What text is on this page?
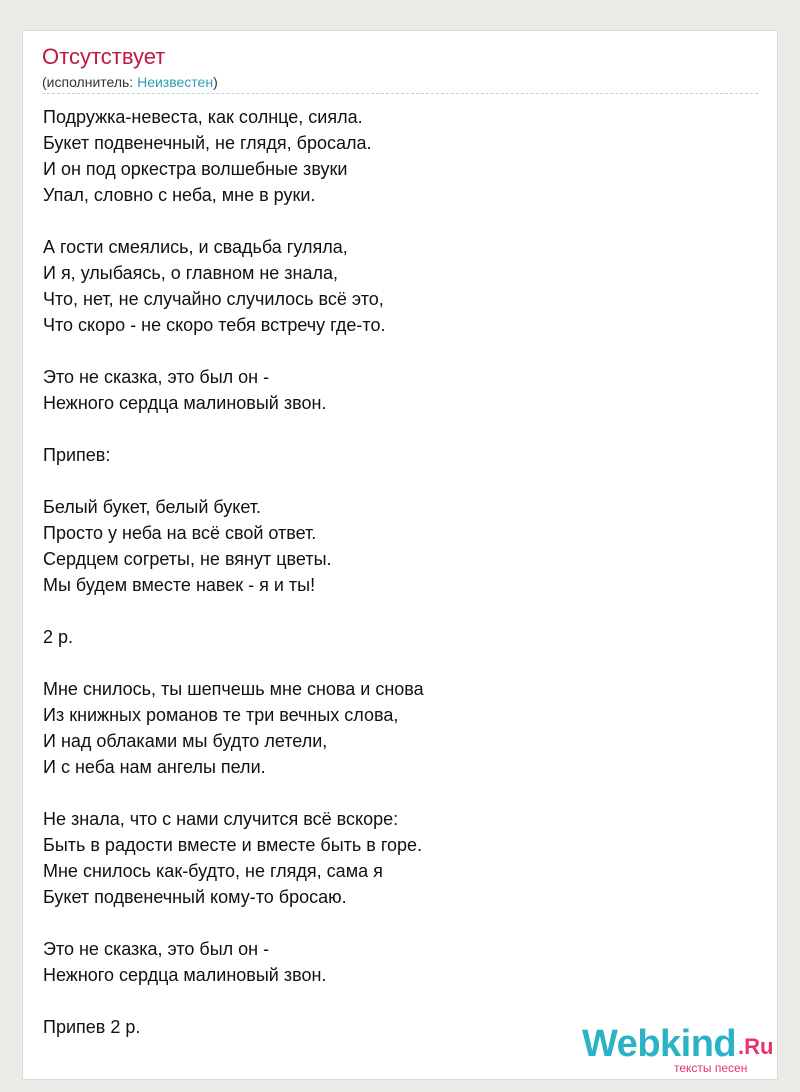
Отсутствует
(исполнитель: Неизвестен)
Подружка-невеста, как солнце, сияла.
Букет подвенечный, не глядя, бросала.
И он под оркестра волшебные звуки
Упал, словно с неба, мне в руки.
А гости смеялись, и свадьба гуляла,
И я, улыбаясь, о главном не знала,
Что, нет, не случайно случилось всё это,
Что скоро - не скоро тебя встречу где-то.
Это не сказка, это был он -
Нежного сердца малиновый звон.
Припев:
Белый букет, белый букет.
Просто у неба на всё свой ответ.
Сердцем согреты, не вянут цветы.
Мы будем вместе навек - я и ты!
2 р.
Мне снилось, ты шепчешь мне снова и снова
Из книжных романов те три вечных слова,
И над облаками мы будто летели,
И с неба нам ангелы пели.
Не знала, что с нами случится всё вскоре:
Быть в радости вместе и вместе быть в горе.
Мне снилось как-будто, не глядя, сама я
Букет подвенечный кому-то бросаю.
Это не сказка, это был он -
Нежного сердца малиновый звон.
Припев 2 р.	Webkind .Ru
тексты песен
